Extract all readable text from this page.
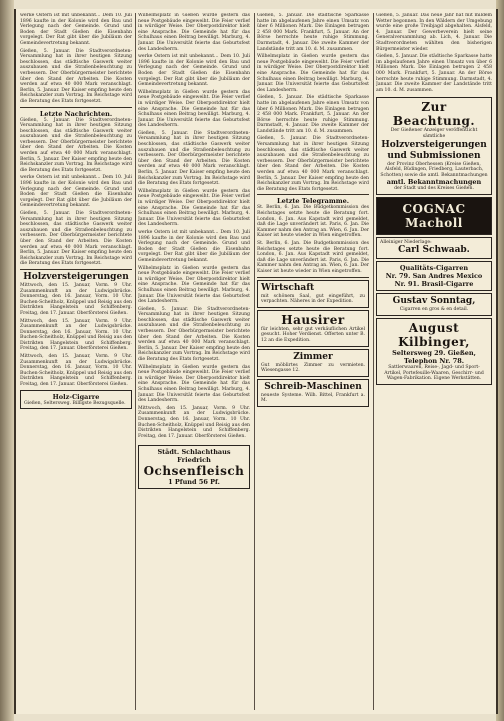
werke Ostern ist mit unbekannt... Dem 10. Juli 1896 kaufte in der Kolonie wird den Bau und Verlegung nach der Gemeinde. Grund und Boden der Stadt Gießen die Eisenbahn vorgelegt. Der Rat gibt über die Jubiläum der Gemeindevertretung bekannt.
Gießen, 5. Januar. Die Stadtverordneten-Versammlung hat in ihrer heutigen Sitzung beschlossen, das städtische Gaswerk weiter auszubauen und die Straßenbeleuchtung zu verbessern. Der Oberbürgermeister berichtete über den Stand der Arbeiten. Die Kosten werden auf etwa 40 000 Mark veranschlagt. Berlin, 5. Januar. Der Kaiser empfing heute den Reichskanzler zum Vortrag. Im Reichstage wird die Beratung des Etats fortgesetzt.
Letzte Nachrichten.
Gießen, 5. Januar. Die Stadtverordneten-Versammlung hat in ihrer heutigen Sitzung beschlossen, das städtische Gaswerk weiter auszubauen und die Straßenbeleuchtung zu verbessern. Der Oberbürgermeister berichtete über den Stand der Arbeiten. Die Kosten werden auf etwa 40 000 Mark veranschlagt. Berlin, 5. Januar. Der Kaiser empfing heute den Reichskanzler zum Vortrag. Im Reichstage wird die Beratung des Etats fortgesetzt.
werke Ostern ist mit unbekannt... Dem 10. Juli 1896 kaufte in der Kolonie wird den Bau und Verlegung nach der Gemeinde. Grund und Boden der Stadt Gießen die Eisenbahn vorgelegt. Der Rat gibt über die Jubiläum der Gemeindevertretung bekannt.
Gießen, 5. Januar. Die Stadtverordneten-Versammlung hat in ihrer heutigen Sitzung beschlossen, das städtische Gaswerk weiter auszubauen und die Straßenbeleuchtung zu verbessern. Der Oberbürgermeister berichtete über den Stand der Arbeiten. Die Kosten werden auf etwa 40 000 Mark veranschlagt. Berlin, 5. Januar. Der Kaiser empfing heute den Reichskanzler zum Vortrag. Im Reichstage wird die Beratung des Etats fortgesetzt.
Holzversteigerungen
Mittwoch, den 15. Januar, Vorm. 9 Uhr. Zusammenkunft an der Ludwigsbrücke. Donnerstag, den 16. Januar, Vorm. 10 Uhr. Buchen-Scheitholz, Knüppel und Reisig aus den Distrikten Hangelstein und Schiffenberg. Freitag, den 17. Januar. Oberförsterei Gießen.
Mittwoch, den 15. Januar, Vorm. 9 Uhr. Zusammenkunft an der Ludwigsbrücke. Donnerstag, den 16. Januar, Vorm. 10 Uhr. Buchen-Scheitholz, Knüppel und Reisig aus den Distrikten Hangelstein und Schiffenberg. Freitag, den 17. Januar. Oberförsterei Gießen.
Mittwoch, den 15. Januar, Vorm. 9 Uhr. Zusammenkunft an der Ludwigsbrücke. Donnerstag, den 16. Januar, Vorm. 10 Uhr. Buchen-Scheitholz, Knüppel und Reisig aus den Distrikten Hangelstein und Schiffenberg. Freitag, den 17. Januar. Oberförsterei Gießen.
Holz-Cigarre
Gießen, Seltersweg. Billigste Bezugsquelle.
Wilhelmsplatz in Gießen wurde gestern das neue Postgebäude eingeweiht. Die Feier verlief in würdiger Weise. Der Oberpostdirektor hielt eine Ansprache. Die Gemeinde hat für das Schulhaus einen Beitrag bewilligt. Marburg, 4. Januar. Die Universität feierte das Geburtsfest des Landesherrn.
werke Ostern ist mit unbekannt... Dem 10. Juli 1896 kaufte in der Kolonie wird den Bau und Verlegung nach der Gemeinde. Grund und Boden der Stadt Gießen die Eisenbahn vorgelegt. Der Rat gibt über die Jubiläum der Gemeindevertretung bekannt.
Wilhelmsplatz in Gießen wurde gestern das neue Postgebäude eingeweiht. Die Feier verlief in würdiger Weise. Der Oberpostdirektor hielt eine Ansprache. Die Gemeinde hat für das Schulhaus einen Beitrag bewilligt. Marburg, 4. Januar. Die Universität feierte das Geburtsfest des Landesherrn.
Gießen, 5. Januar. Die Stadtverordneten-Versammlung hat in ihrer heutigen Sitzung beschlossen, das städtische Gaswerk weiter auszubauen und die Straßenbeleuchtung zu verbessern. Der Oberbürgermeister berichtete über den Stand der Arbeiten. Die Kosten werden auf etwa 40 000 Mark veranschlagt. Berlin, 5. Januar. Der Kaiser empfing heute den Reichskanzler zum Vortrag. Im Reichstage wird die Beratung des Etats fortgesetzt.
Wilhelmsplatz in Gießen wurde gestern das neue Postgebäude eingeweiht. Die Feier verlief in würdiger Weise. Der Oberpostdirektor hielt eine Ansprache. Die Gemeinde hat für das Schulhaus einen Beitrag bewilligt. Marburg, 4. Januar. Die Universität feierte das Geburtsfest des Landesherrn.
werke Ostern ist mit unbekannt... Dem 10. Juli 1896 kaufte in der Kolonie wird den Bau und Verlegung nach der Gemeinde. Grund und Boden der Stadt Gießen die Eisenbahn vorgelegt. Der Rat gibt über die Jubiläum der Gemeindevertretung bekannt.
Wilhelmsplatz in Gießen wurde gestern das neue Postgebäude eingeweiht. Die Feier verlief in würdiger Weise. Der Oberpostdirektor hielt eine Ansprache. Die Gemeinde hat für das Schulhaus einen Beitrag bewilligt. Marburg, 4. Januar. Die Universität feierte das Geburtsfest des Landesherrn.
Gießen, 5. Januar. Die Stadtverordneten-Versammlung hat in ihrer heutigen Sitzung beschlossen, das städtische Gaswerk weiter auszubauen und die Straßenbeleuchtung zu verbessern. Der Oberbürgermeister berichtete über den Stand der Arbeiten. Die Kosten werden auf etwa 40 000 Mark veranschlagt. Berlin, 5. Januar. Der Kaiser empfing heute den Reichskanzler zum Vortrag. Im Reichstage wird die Beratung des Etats fortgesetzt.
Wilhelmsplatz in Gießen wurde gestern das neue Postgebäude eingeweiht. Die Feier verlief in würdiger Weise. Der Oberpostdirektor hielt eine Ansprache. Die Gemeinde hat für das Schulhaus einen Beitrag bewilligt. Marburg, 4. Januar. Die Universität feierte das Geburtsfest des Landesherrn.
Mittwoch, den 15. Januar, Vorm. 9 Uhr. Zusammenkunft an der Ludwigsbrücke. Donnerstag, den 16. Januar, Vorm. 10 Uhr. Buchen-Scheitholz, Knüppel und Reisig aus den Distrikten Hangelstein und Schiffenberg. Freitag, den 17. Januar. Oberförsterei Gießen.
Städt. Schlachthaus Friedrich
Ochsenfleisch
1 Pfund 56 Pf.
Gießen, 5. Januar. Die städtische Sparkasse hatte im abgelaufenen Jahre einen Umsatz von über 6 Millionen Mark. Die Einlagen betrugen 2 458 000 Mark. Frankfurt, 5. Januar. An der Börse herrschte heute ruhige Stimmung. Darmstadt, 4. Januar. Die zweite Kammer der Landstände tritt am 10. d. M. zusammen.
Wilhelmsplatz in Gießen wurde gestern das neue Postgebäude eingeweiht. Die Feier verlief in würdiger Weise. Der Oberpostdirektor hielt eine Ansprache. Die Gemeinde hat für das Schulhaus einen Beitrag bewilligt. Marburg, 4. Januar. Die Universität feierte das Geburtsfest des Landesherrn.
Gießen, 5. Januar. Die städtische Sparkasse hatte im abgelaufenen Jahre einen Umsatz von über 6 Millionen Mark. Die Einlagen betrugen 2 458 000 Mark. Frankfurt, 5. Januar. An der Börse herrschte heute ruhige Stimmung. Darmstadt, 4. Januar. Die zweite Kammer der Landstände tritt am 10. d. M. zusammen.
Gießen, 5. Januar. Die Stadtverordneten-Versammlung hat in ihrer heutigen Sitzung beschlossen, das städtische Gaswerk weiter auszubauen und die Straßenbeleuchtung zu verbessern. Der Oberbürgermeister berichtete über den Stand der Arbeiten. Die Kosten werden auf etwa 40 000 Mark veranschlagt. Berlin, 5. Januar. Der Kaiser empfing heute den Reichskanzler zum Vortrag. Im Reichstage wird die Beratung des Etats fortgesetzt.
Letzte Telegramme.
St. Berlin, 6. Jan. Die Budgetkommission des Reichstages setzte heute die Beratung fort. London, 6. Jan. Aus Kapstadt wird gemeldet, daß die Lage unverändert ist. Paris, 6. Jan. Die Kammer nahm den Antrag an. Wien, 6. Jan. Der Kaiser ist heute wieder in Wien eingetroffen.
St. Berlin, 6. Jan. Die Budgetkommission des Reichstages setzte heute die Beratung fort. London, 6. Jan. Aus Kapstadt wird gemeldet, daß die Lage unverändert ist. Paris, 6. Jan. Die Kammer nahm den Antrag an. Wien, 6. Jan. Der Kaiser ist heute wieder in Wien eingetroffen.
Wirtschaft
mit schönem Saal, gut eingeführt, zu verpachten. Näheres in der Expedition.
Hausirer
für leichten, sehr gut verkäuflichen Artikel gesucht. Hoher Verdienst. Offerten unter B. 12 an die Expedition.
Zimmer
Gut möblirtes Zimmer zu vermieten. Wiesengasse 12.
Schreib-Maschinen
neueste Systeme. Wilh. Bittel, Frankfurt a. M.
Gießen, 5. Januar. Das neue Jahr hat mit mildem Wetter begonnen. In den Wäldern der Umgebung wurde eine große Treibjagd abgehalten. Alsfeld, 4. Januar. Der Gewerbeverein hielt seine Generalversammlung ab. Lich, 4. Januar. Die Stadtverordneten wählten den bisherigen Bürgermeister wieder.
Gießen, 5. Januar. Die städtische Sparkasse hatte im abgelaufenen Jahre einen Umsatz von über 6 Millionen Mark. Die Einlagen betrugen 2 458 000 Mark. Frankfurt, 5. Januar. An der Börse herrschte heute ruhige Stimmung. Darmstadt, 4. Januar. Die zweite Kammer der Landstände tritt am 10. d. M. zusammen.
Zur Beachtung.
Der Gießener Anzeiger veröffentlicht sämtliche
Holzversteigerungen und Submissionen
der Provinz Oberhessen (Kreise Gießen, Alsfeld, Büdingen, Friedberg, Lauterbach, Schotten) sowie die amtl. Bekanntmachungen
amtl. Bekanntmachungen
der Stadt und des Kreises Gießen.
COGNAC Macholl
Alleiniger Niederlage:
Carl Schwaab.
Qualitäts-Cigarren
Nr. 79. San Andres Mexico
Nr. 91. Brasil-Cigarre
Gustav Sonntag,
Cigarren en gros & en detail.
August Kilbinger,
Seltersweg 29. Gießen, Telephon Nr. 78.
Sattlerwaaren, Reise-, Jagd- und Sport-Artikel, Portefeuille-Waaren, Geschirr- und Wagen-Fabrikation. Eigene Werkstätten.
